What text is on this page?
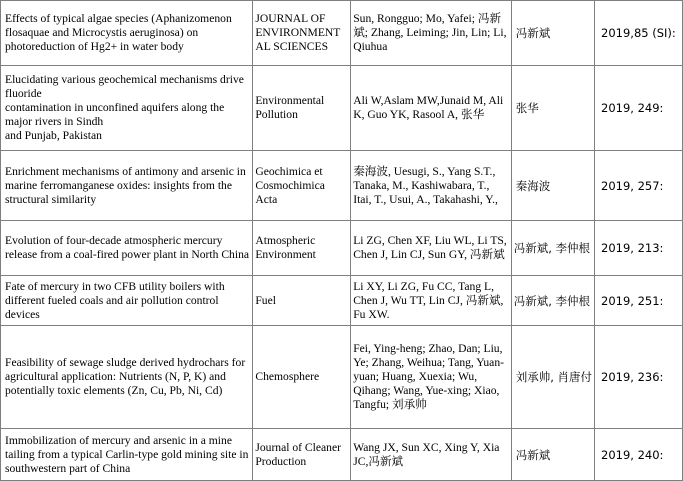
Effects of typical algae species (Aphanizomenon flosaquae and Microcystis aeruginosa) on photoreduction of Hg2+ in water body	JOURNAL OF ENVIRONMENT AL SCIENCES	Sun, Rongguo; Mo, Yafei; 冯新斌; Zhang, Leiming; Jin, Lin; Li, Qiuhua	冯新斌	2019,85 (SI):

Elucidating various geochemical mechanisms drive fluoride
contamination in unconfined aquifers along the major rivers in Sindh
and Punjab, Pakistan	Environmental Pollution	Ali W,Aslam MW,Junaid M, Ali K, Guo YK, Rasool A, 张华	张华	2019, 249:
Enrichment mechanisms of antimony and arsenic in marine ferromanganese oxides: insights from the structural similarity	Geochimica et Cosmochimica Acta	秦海波, Uesugi, S., Yang S.T., Tanaka, M., Kashiwabara, T., Itai, T., Usui, A., Takahashi, Y.,	秦海波	2019, 257:
Evolution of four-decade atmospheric mercury release from a coal-fired power plant in North China	Atmospheric Environment	Li ZG, Chen XF, Liu WL, Li TS, Chen J, Lin CJ, Sun GY, 冯新斌	冯新斌, 李仲根	2019, 213:
Fate of mercury in two CFB utility boilers with different fueled coals and air pollution control devices	Fuel	Li XY, Li ZG, Fu CC, Tang L, Chen J, Wu TT, Lin CJ, 冯新斌, Fu XW.	冯新斌, 李仲根	2019, 251:
Feasibility of sewage sludge derived hydrochars for agricultural application: Nutrients (N, P, K) and potentially toxic elements (Zn, Cu, Pb, Ni, Cd)	Chemosphere	Fei, Ying-heng; Zhao, Dan; Liu, Ye; Zhang, Weihua; Tang, Yuan-yuan; Huang, Xuexia; Wu, Qihang; Wang, Yue-xing; Xiao, Tangfu; 刘承帅	刘承帅, 肖唐付	2019, 236:
Immobilization of mercury and arsenic in a mine tailing from a typical Carlin-type gold mining site in southwestern part of China	Journal of Cleaner Production	Wang JX, Sun XC, Xing Y, Xia JC,冯新斌	冯新斌	2019, 240:
